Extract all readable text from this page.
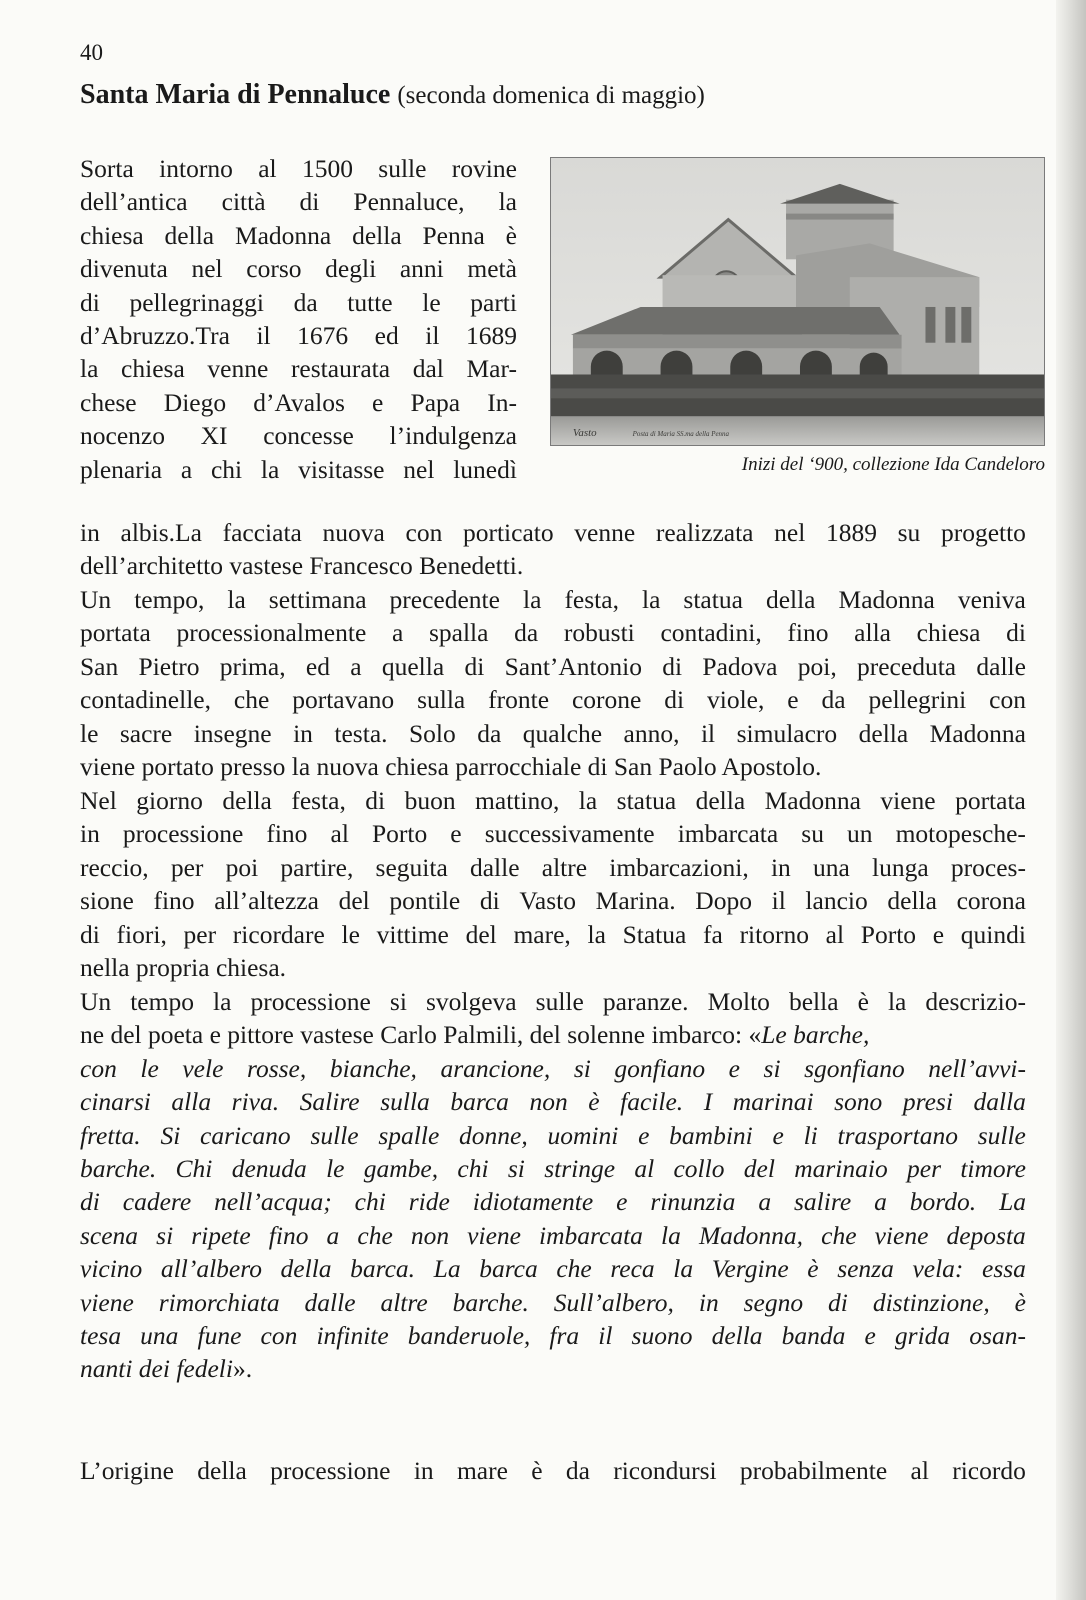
40
Santa Maria di Pennaluce (seconda domenica di maggio)
Sorta intorno al 1500 sulle rovine
dell’antica città di Pennaluce, la
chiesa della Madonna della Penna è
divenuta nel corso degli anni metà
di pellegrinaggi da tutte le parti
d’Abruzzo.Tra il 1676 ed il 1689
la chiesa venne restaurata dal Mar-
chese Diego d’Avalos e Papa In-
nocenzo XI concesse l’indulgenza
plenaria a chi la visitasse nel lunedì
Vasto	Posta di Maria SS.ma della Penna
Inizi del ‘900, collezione Ida Candeloro
in albis.La facciata nuova con porticato venne realizzata nel 1889 su progetto
dell’architetto vastese Francesco Benedetti.
Un tempo, la settimana precedente la festa, la statua della Madonna veniva
portata processionalmente a spalla da robusti contadini, fino alla chiesa di
San Pietro prima, ed a quella di Sant’Antonio di Padova poi, preceduta dalle
contadinelle, che portavano sulla fronte corone di viole, e da pellegrini con
le sacre insegne in testa. Solo da qualche anno, il simulacro della Madonna
viene portato presso la nuova chiesa parrocchiale di San Paolo Apostolo.
Nel giorno della festa, di buon mattino, la statua della Madonna viene portata
in processione fino al Porto e successivamente imbarcata su un motopesche-
reccio, per poi partire, seguita dalle altre imbarcazioni, in una lunga proces-
sione fino all’altezza del pontile di Vasto Marina. Dopo il lancio della corona
di fiori, per ricordare le vittime del mare, la Statua fa ritorno al Porto e quindi
nella propria chiesa.
Un tempo la processione si svolgeva sulle paranze. Molto bella è la descrizio-
ne del poeta e pittore vastese Carlo Palmili, del solenne imbarco: «Le barche,
con le vele rosse, bianche, arancione, si gonfiano e si sgonfiano nell’avvi-
cinarsi alla riva. Salire sulla barca non è facile. I marinai sono presi dalla
fretta. Si caricano sulle spalle donne, uomini e bambini e li trasportano sulle
barche. Chi denuda le gambe, chi si stringe al collo del marinaio per timore
di cadere nell’acqua; chi ride idiotamente e rinunzia a salire a bordo. La
scena si ripete fino a che non viene imbarcata la Madonna, che viene deposta
vicino all’albero della barca. La barca che reca la Vergine è senza vela: essa
viene rimorchiata dalle altre barche. Sull’albero, in segno di distinzione, è
tesa una fune con infinite banderuole, fra il suono della banda e grida osan-
nanti dei fedeli».
L’origine della processione in mare è da ricondursi probabilmente al ricordo
